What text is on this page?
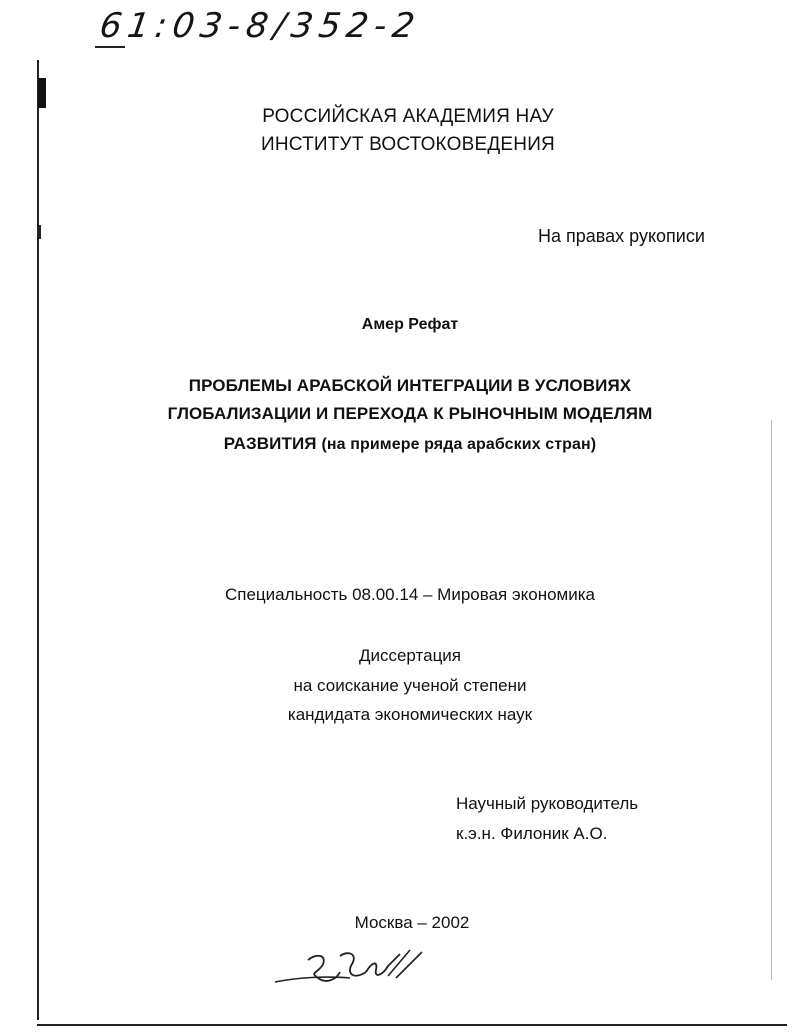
61:03-8/352-2
РОССИЙСКАЯ АКАДЕМИЯ НАУ
ИНСТИТУТ ВОСТОКОВЕДЕНИЯ
На правах рукописи
Амер Рефат
ПРОБЛЕМЫ АРАБСКОЙ ИНТЕГРАЦИИ В УСЛОВИЯХ
ГЛОБАЛИЗАЦИИ И ПЕРЕХОДА К РЫНОЧНЫМ МОДЕЛЯМ
РАЗВИТИЯ (на примере ряда арабских стран)
Специальность 08.00.14 – Мировая экономика
Диссертация
на соискание ученой степени
кандидата экономических наук
Научный руководитель
к.э.н. Филоник А.О.
Москва – 2002
